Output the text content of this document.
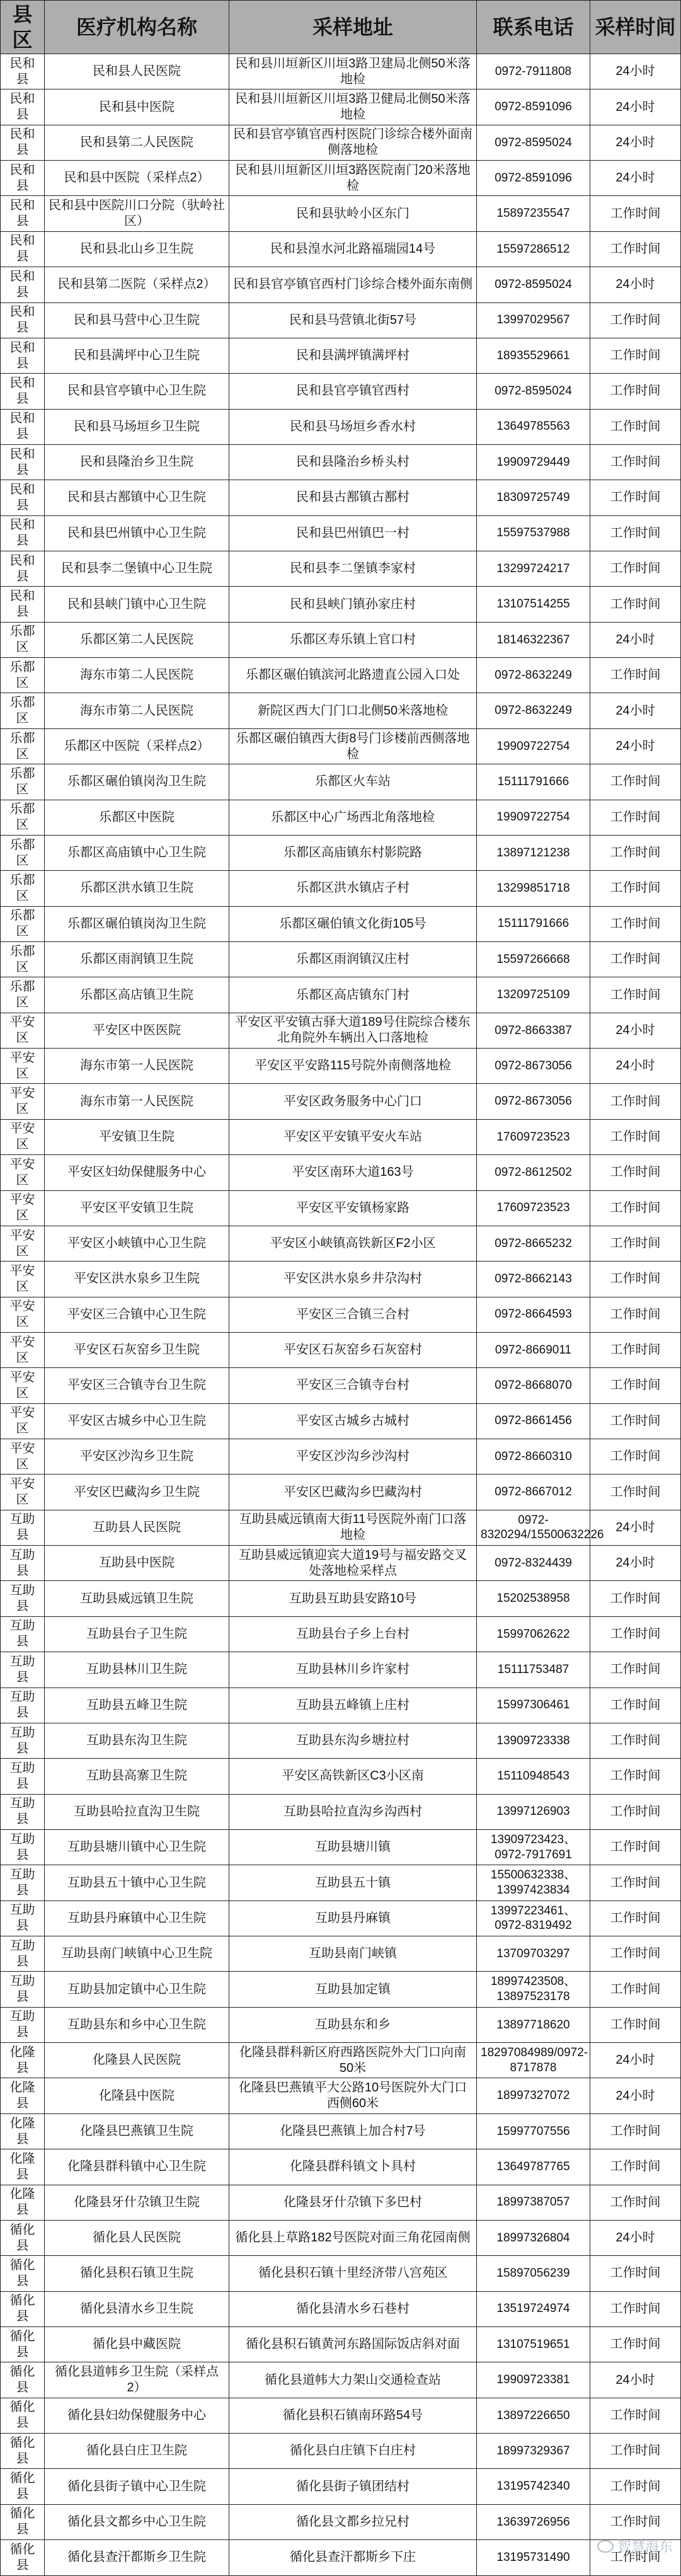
县区	医疗机构名称	采样地址	联系电话	采样时间
民和县	民和县人民医院	民和县川垣新区川垣3路卫建局北侧50米落地检	0972-7911808	24小时
民和县	民和县中医院	民和县川垣新区川垣3路卫健局北侧50米落地检	0972-8591096	24小时
民和县	民和县第二人民医院	民和县官亭镇官西村医院门诊综合楼外面南侧落地检	0972-8595024	24小时
民和县	民和县中医院（采样点2）	民和县川垣新区川垣3路医院南门20米落地检	0972-8591096	24小时
民和县	民和县中医院川口分院（驮岭社区）	民和县驮岭小区东门	15897235547	工作时间
民和县	民和县北山乡卫生院	民和县湟水河北路福瑞园14号	15597286512	工作时间
民和县	民和县第二医院（采样点2）	民和县官亭镇官西村门诊综合楼外面东南侧	0972-8595024	24小时
民和县	民和县马营中心卫生院	民和县马营镇北街57号	13997029567	工作时间
民和县	民和县满坪中心卫生院	民和县满坪镇满坪村	18935529661	工作时间
民和县	民和县官亭镇中心卫生院	民和县官亭镇官西村	0972-8595024	工作时间
民和县	民和县马场垣乡卫生院	民和县马场垣乡香水村	13649785563	工作时间
民和县	民和县隆治乡卫生院	民和县隆治乡桥头村	19909729449	工作时间
民和县	民和县古鄯镇中心卫生院	民和县古鄯镇古鄯村	18309725749	工作时间
民和县	民和县巴州镇中心卫生院	民和县巴州镇巴一村	15597537988	工作时间
民和县	民和县李二堡镇中心卫生院	民和县李二堡镇李家村	13299724217	工作时间
民和县	民和县峡门镇中心卫生院	民和县峡门镇孙家庄村	13107514255	工作时间
乐都区	乐都区第二人民医院	乐都区寿乐镇上官口村	18146322367	24小时
乐都区	海东市第二人民医院	乐都区碾伯镇滨河北路遗直公园入口处	0972-8632249	工作时间
乐都区	海东市第二人民医院	新院区西大门门口北侧50米落地检	0972-8632249	24小时
乐都区	乐都区中医院（采样点2）	乐都区碾伯镇西大街8号门诊楼前西侧落地检	19909722754	24小时
乐都区	乐都区碾伯镇岗沟卫生院	乐都区火车站	15111791666	工作时间
乐都区	乐都区中医院	乐都区中心广场西北角落地检	19909722754	工作时间
乐都区	乐都区高庙镇中心卫生院	乐都区高庙镇东村影院路	13897121238	工作时间
乐都区	乐都区洪水镇卫生院	乐都区洪水镇店子村	13299851718	工作时间
乐都区	乐都区碾伯镇岗沟卫生院	乐都区碾伯镇文化街105号	15111791666	工作时间
乐都区	乐都区雨润镇卫生院	乐都区雨润镇汉庄村	15597266668	工作时间
乐都区	乐都区高店镇卫生院	乐都区高店镇东门村	13209725109	工作时间
平安区	平安区中医医院	平安区平安镇古驿大道189号住院综合楼东北角院外车辆出入口落地检	0972-8663387	24小时
平安区	海东市第一人民医院	平安区平安路115号院外南侧落地检	0972-8673056	24小时
平安区	海东市第一人民医院	平安区政务服务中心门口	0972-8673056	工作时间
平安区	平安镇卫生院	平安区平安镇平安火车站	17609723523	工作时间
平安区	平安区妇幼保健服务中心	平安区南环大道163号	0972-8612502	工作时间
平安区	平安区平安镇卫生院	平安区平安镇杨家路	17609723523	工作时间
平安区	平安区小峡镇中心卫生院	平安区小峡镇高铁新区F2小区	0972-8665232	工作时间
平安区	平安区洪水泉乡卫生院	平安区洪水泉乡井尕沟村	0972-8662143	工作时间
平安区	平安区三合镇中心卫生院	平安区三合镇三合村	0972-8664593	工作时间
平安区	平安区石灰窑乡卫生院	平安区石灰窑乡石灰窑村	0972-8669011	工作时间
平安区	平安区三合镇寺台卫生院	平安区三合镇寺台村	0972-8668070	工作时间
平安区	平安区古城乡中心卫生院	平安区古城乡古城村	0972-8661456	工作时间
平安区	平安区沙沟乡卫生院	平安区沙沟乡沙沟村	0972-8660310	工作时间
平安区	平安区巴藏沟乡卫生院	平安区巴藏沟乡巴藏沟村	0972-8667012	工作时间
互助县	互助县人民医院	互助县威远镇南大街11号医院外南门口落地检	0972-8320294/15500632226	24小时
互助县	互助县中医院	互助县威远镇迎宾大道19号与福安路交叉处落地检采样点	0972-8324439	24小时
互助县	互助县威远镇卫生院	互助县互助县安路10号	15202538958	工作时间
互助县	互助县台子卫生院	互助县台子乡上台村	15997062622	工作时间
互助县	互助县林川卫生院	互助县林川乡许家村	15111753487	工作时间
互助县	互助县五峰卫生院	互助县五峰镇上庄村	15997306461	工作时间
互助县	互助县东沟卫生院	互助县东沟乡塘拉村	13909723338	工作时间
互助县	互助县高寨卫生院	平安区高铁新区C3小区南	15110948543	工作时间
互助县	互助县哈拉直沟卫生院	互助县哈拉直沟乡沟西村	13997126903	工作时间
互助县	互助县塘川镇中心卫生院	互助县塘川镇	13909723423、0972-7917691	工作时间
互助县	互助县五十镇中心卫生院	互助县五十镇	15500632338、13997423834	工作时间
互助县	互助县丹麻镇中心卫生院	互助县丹麻镇	13997223461、0972-8319492	工作时间
互助县	互助县南门峡镇中心卫生院	互助县南门峡镇	13709703297	工作时间
互助县	互助县加定镇中心卫生院	互助县加定镇	18997423508、13897523178	工作时间
互助县	互助县东和乡中心卫生院	互助县东和乡	13897718620	工作时间
化隆县	化隆县人民医院	化隆县群科新区府西路医院外大门口向南50米	18297084989/0972-8717878	24小时
化隆县	化隆县中医院	化隆县巴燕镇平大公路10号医院外大门口西侧60米	18997327072	24小时
化隆县	化隆县巴燕镇卫生院	化隆县巴燕镇上加合村7号	15997707556	工作时间
化隆县	化隆县群科镇中心卫生院	化隆县群科镇文卜具村	13649787765	工作时间
化隆县	化隆县牙什尕镇卫生院	化隆县牙什尕镇下多巴村	18997387057	工作时间
循化县	循化县人民医院	循化县上草路182号医院对面三角花园南侧	18997326804	24小时
循化县	循化县积石镇卫生院	循化县积石镇十里经济带八宫苑区	15897056239	工作时间
循化县	循化县清水乡卫生院	循化县清水乡石巷村	13519724974	工作时间
循化县	循化县中藏医院	循化县积石镇黄河东路国际饭店斜对面	13107519651	工作时间
循化县	循化县道帏乡卫生院（采样点2）	循化县道帏大力架山交通检查站	19909723381	24小时
循化县	循化县妇幼保健服务中心	循化县积石镇南环路54号	13897226650	工作时间
循化县	循化县白庄卫生院	循化县白庄镇下白庄村	18997329367	工作时间
循化县	循化县街子镇中心卫生院	循化县街子镇团结村	13195742340	工作时间
循化县	循化县文都乡中心卫生院	循化县文都乡拉兄村	13639726956	工作时间
循化县	循化县查汗都斯乡卫生院	循化县查汗都斯乡下庄	13195731490	工作时间
智慧海东
